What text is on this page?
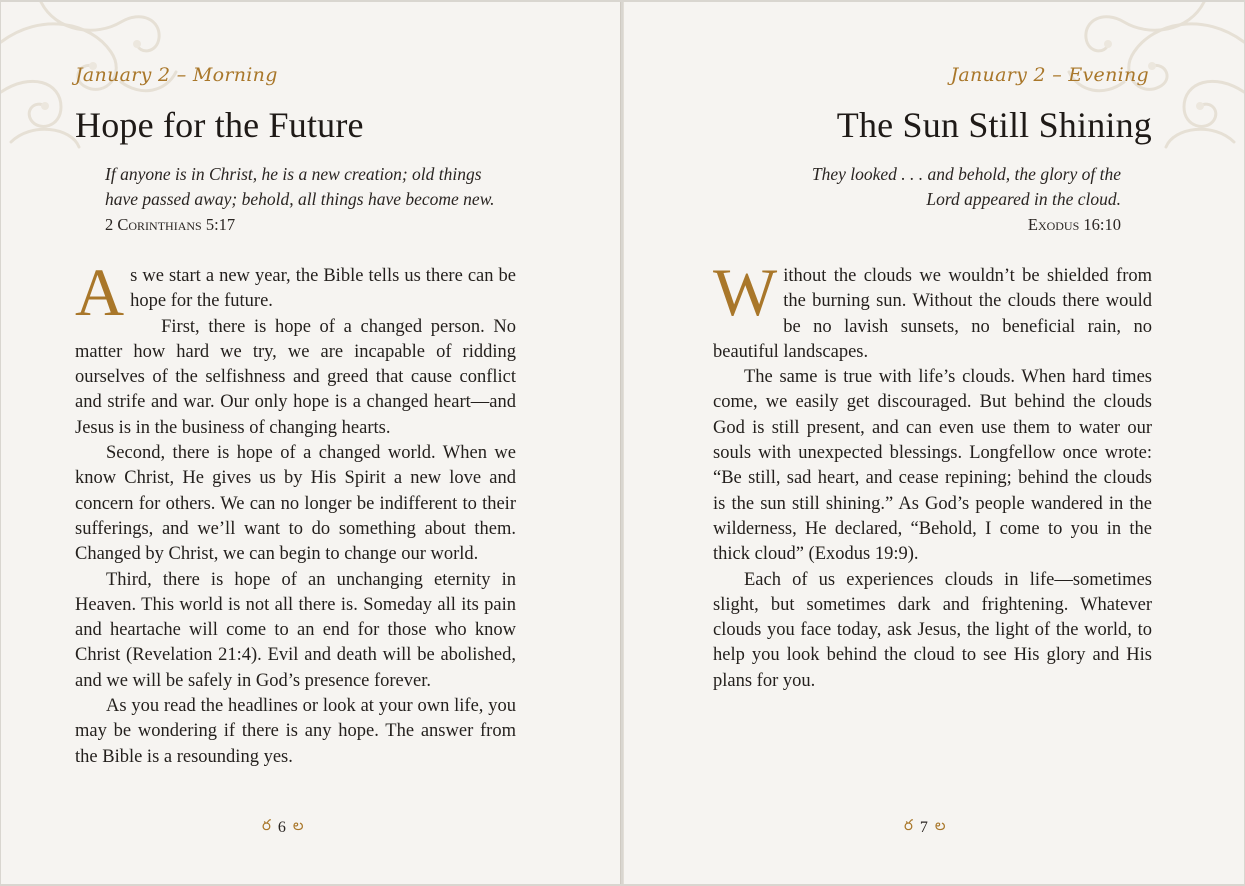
January 2 – Morning
Hope for the Future
If anyone is in Christ, he is a new creation; old things
have passed away; behold, all things have become new.
2 Corinthians 5:17

As we start a new year, the Bible tells us there can be hope for the future.

First, there is hope of a changed person. No matter how hard we try, we are incapable of ridding ourselves of the selfishness and greed that cause conflict and strife and war. Our only hope is a changed heart—and Jesus is in the business of changing hearts.

Second, there is hope of a changed world. When we know Christ, He gives us by His Spirit a new love and concern for others. We can no longer be indifferent to their sufferings, and we’ll want to do something about them. Changed by Christ, we can begin to change our world.

Third, there is hope of an unchanging eternity in Heaven. This world is not all there is. Someday all its pain and heartache will come to an end for those who know Christ (Revelation 21:4). Evil and death will be abolished, and we will be safely in God’s presence forever.

As you read the headlines or look at your own life, you may be wondering if there is any hope. The answer from the Bible is a resounding yes.

ర 6 ల
January 2 – Evening
The Sun Still Shining
They looked . . . and behold, the glory of the
Lord appeared in the cloud.
Exodus 16:10

Without the clouds we wouldn’t be shielded from the burning sun. Without the clouds there would be no lavish sunsets, no beneficial rain, no beautiful landscapes.

The same is true with life’s clouds. When hard times come, we easily get discouraged. But behind the clouds God is still present, and can even use them to water our souls with unexpected blessings. Longfellow once wrote: “Be still, sad heart, and cease repining; behind the clouds is the sun still shining.” As God’s people wandered in the wilderness, He declared, “Behold, I come to you in the thick cloud” (Exodus 19:9).

Each of us experiences clouds in life—sometimes slight, but sometimes dark and frightening. Whatever clouds you face today, ask Jesus, the light of the world, to help you look behind the cloud to see His glory and His plans for you.

ర 7 ల
